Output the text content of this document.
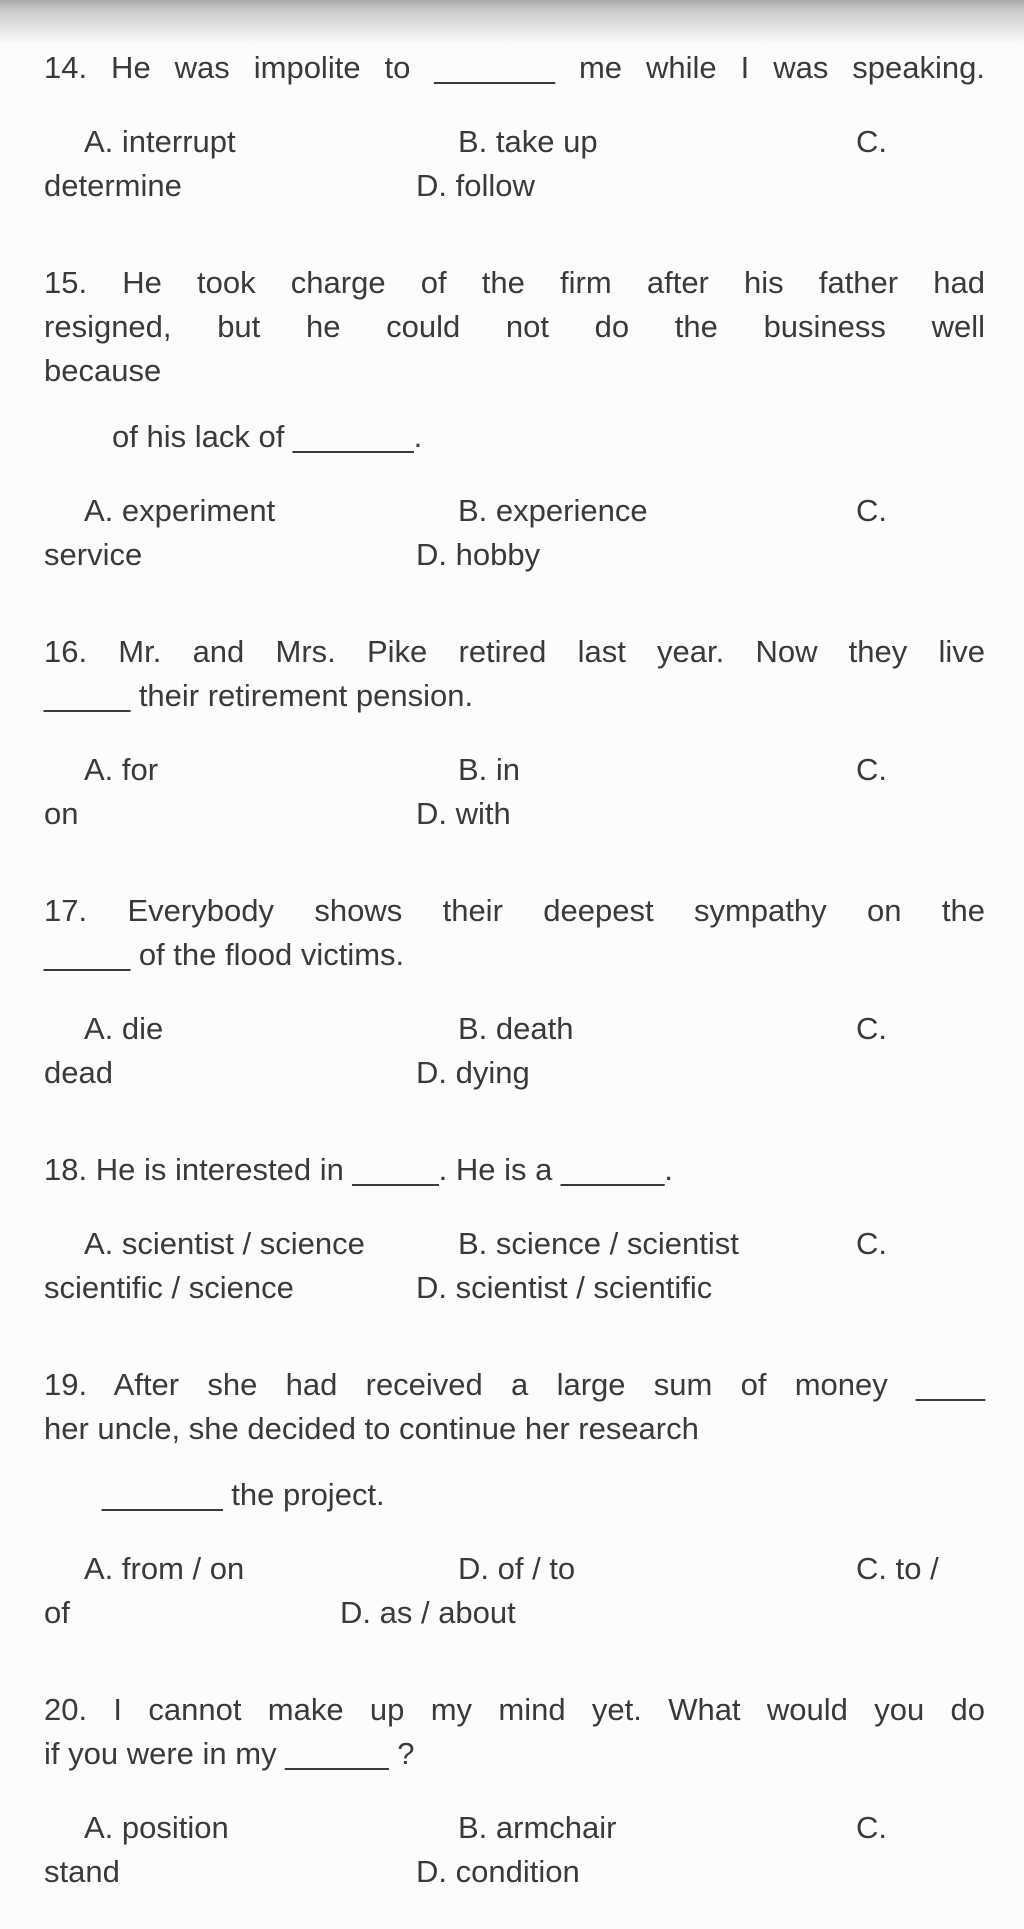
14. He was impolite to _______ me while I was speaking.
A. interrupt	B. take up	C.
determine	D. follow
15. He took charge of the firm after his father had
resigned, but he could not do the business well
because
of his lack of _______.
A. experiment	B. experience	C.
service	D. hobby
16. Mr. and Mrs. Pike retired last year. Now they live
_____ their retirement pension.
A. for	B. in	C.
on	D. with
17. Everybody shows their deepest sympathy on the
_____ of the flood victims.
A. die	B. death	C.
dead	D. dying
18. He is interested in _____. He is a ______.
A. scientist / science	B. science / scientist	C.
scientific / science	D. scientist / scientific
19. After she had received a large sum of money ____
her uncle, she decided to continue her research
_______ the project.
A. from / on	D. of / to	C. to /
of	D. as / about
20. I cannot make up my mind yet. What would you do
if you were in my ______ ?
A. position	B. armchair	C.
stand	D. condition
